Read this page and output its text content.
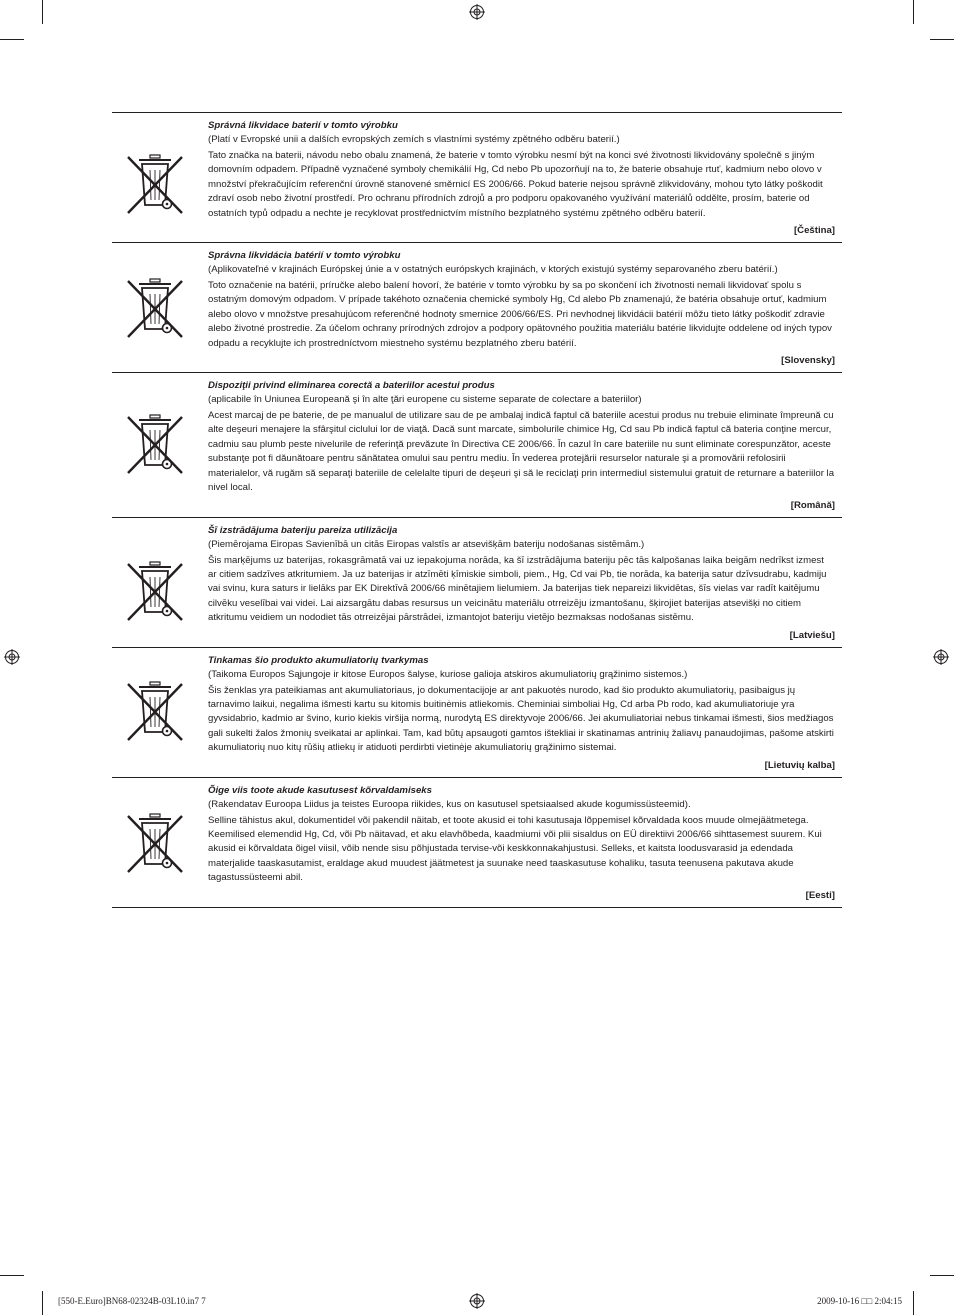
Správná likvidace baterií v tomto výrobku
(Platí v Evropské unii a dalších evropských zemích s vlastními systémy zpětného odběru baterií.)
Tato značka na baterii, návodu nebo obalu znamená, že baterie v tomto výrobku nesmí být na konci své životnosti likvidovány společně s jiným domovním odpadem. Případně vyznačené symboly chemikálií Hg, Cd nebo Pb upozorňují na to, že baterie obsahuje rtuť, kadmium nebo olovo v množství překračujícím referenční úrovně stanovené směrnicí ES 2006/66. Pokud baterie nejsou správně zlikvidovány, mohou tyto látky poškodit zdraví osob nebo životní prostředí. Pro ochranu přírodních zdrojů a pro podporu opakovaného využívání materiálů oddělte, prosím, baterie od ostatních typů odpadu a nechte je recyklovat prostřednictvím místního bezplatného systému zpětného odběru baterií.
[Čeština]
Správna likvidácia batérií v tomto výrobku
(Aplikovateľné v krajinách Európskej únie a v ostatných európskych krajinách, v ktorých existujú systémy separovaného zberu batérií.)
Toto označenie na batérii, príručke alebo balení hovorí, že batérie v tomto výrobku by sa po skončení ich životnosti nemali likvidovať spolu s ostatným domovým odpadom. V prípade takéhoto označenia chemické symboly Hg, Cd alebo Pb znamenajú, že batéria obsahuje ortuť, kadmium alebo olovo v množstve presahujúcom referenčné hodnoty smernice 2006/66/ES. Pri nevhodnej likvidácii batérií môžu tieto látky poškodiť zdravie alebo životné prostredie. Za účelom ochrany prírodných zdrojov a podpory opätovného použitia materiálu batérie likvidujte oddelene od iných typov odpadu a recyklujte ich prostredníctvom miestneho systému bezplatného zberu batérií.
[Slovensky]
Dispoziţii privind eliminarea corectă a bateriilor acestui produs
(aplicabile în Uniunea Europeană şi în alte ţări europene cu sisteme separate de colectare a bateriilor)
Acest marcaj de pe baterie, de pe manualul de utilizare sau de pe ambalaj indică faptul că bateriile acestui produs nu trebuie eliminate împreună cu alte deşeuri menajere la sfârşitul ciclului lor de viaţă. Dacă sunt marcate, simbolurile chimice Hg, Cd sau Pb indică faptul că bateria conţine mercur, cadmiu sau plumb peste nivelurile de referinţă prevăzute în Directiva CE 2006/66. În cazul în care bateriile nu sunt eliminate corespunzător, aceste substanţe pot fi dăunătoare pentru sănătatea omului sau pentru mediu. În vederea protejării resurselor naturale şi a promovării refolosirii materialelor, vă rugăm să separaţi bateriile de celelalte tipuri de deşeuri şi să le reciclaţi prin intermediul sistemului gratuit de returnare a bateriilor la nivel local.
[Română]
Šī izstrādājuma bateriju pareiza utilizācija
(Piemērojama Eiropas Savienībā un citās Eiropas valstīs ar atsevišķām bateriju nodošanas sistēmām.)
Šis marķējums uz baterijas, rokasgrāmatā vai uz iepakojuma norāda, ka šī izstrādājuma bateriju pēc tās kalpošanas laika beigām nedrīkst izmest ar citiem sadzīves atkritumiem. Ja uz baterijas ir atzīmēti ķīmiskie simboli, piem., Hg, Cd vai Pb, tie norāda, ka baterija satur dzīvsudrabu, kadmiju vai svinu, kura saturs ir lielāks par EK Direktīvā 2006/66 minētajiem lielumiem. Ja baterijas tiek nepareizi likvidētas, šīs vielas var radīt kaitējumu cilvēku veselībai vai videi. Lai aizsargātu dabas resursus un veicinātu materiālu otrreizēju izmantošanu, šķirojiet baterijas atsevišķi no citiem atkritumu veidiem un nododiet tās otrreizējai pārstrādei, izmantojot bateriju vietējo bezmaksas nodošanas sistēmu.
[Latviešu]
Tinkamas šio produkto akumuliatorių tvarkymas
(Taikoma Europos Sąjungoje ir kitose Europos šalyse, kuriose galioja atskiros akumuliatorių grąžinimo sistemos.)
Šis ženklas yra pateikiamas ant akumuliatoriaus, jo dokumentacijoje ar ant pakuotės nurodo, kad šio produkto akumuliatorių, pasibaigus jų tarnavimo laikui, negalima išmesti kartu su kitomis buitinėmis atliekomis. Cheminiai simboliai Hg, Cd arba Pb rodo, kad akumuliatoriuje yra gyvsidabrio, kadmio ar švino, kurio kiekis viršija normą, nurodytą ES direktyvoje 2006/66. Jei akumuliatoriai nebus tinkamai išmesti, šios medžiagos gali sukelti žalos žmonių sveikatai ar aplinkai. Tam, kad būtų apsaugoti gamtos ištekliai ir skatinamas antrinių žaliavų panaudojimas, pašome atskirti akumuliatorių nuo kitų rūšių atliekų ir atiduoti perdirbti vietinėje akumuliatorių grąžinimo sistemai.
[Lietuvių kalba]
Õige viis toote akude kasutusest kõrvaldamiseks
(Rakendatav Euroopa Liidus ja teistes Euroopa riikides, kus on kasutusel spetsiaalsed akude kogumissüsteemid).
Selline tähistus akul, dokumentidel või pakendil näitab, et toote akusid ei tohi kasutusaja lõppemisel kõrvaldada koos muude olmejäätmetega. Keemilised elemendid Hg, Cd, või Pb näitavad, et aku elavhõbeda, kaadmiumi või plii sisaldus on EÜ direktiivi 2006/66 sihttasemest suurem. Kui akusid ei kõrvaldata õigel viisil, võib nende sisu põhjustada tervise-või keskkonnakahjustusi. Selleks, et kaitsta loodusvarasid ja edendada materjalide taaskasutamist, eraldage akud muudest jäätmetest ja suunake need taaskasutuse kohaliku, tasuta teenusena pakutava akude tagastussüsteemi abil.
[Eesti]
[550-E.Euro]BN68-02324B-03L10.in7 7	2009-10-16 □□ 2:04:15
